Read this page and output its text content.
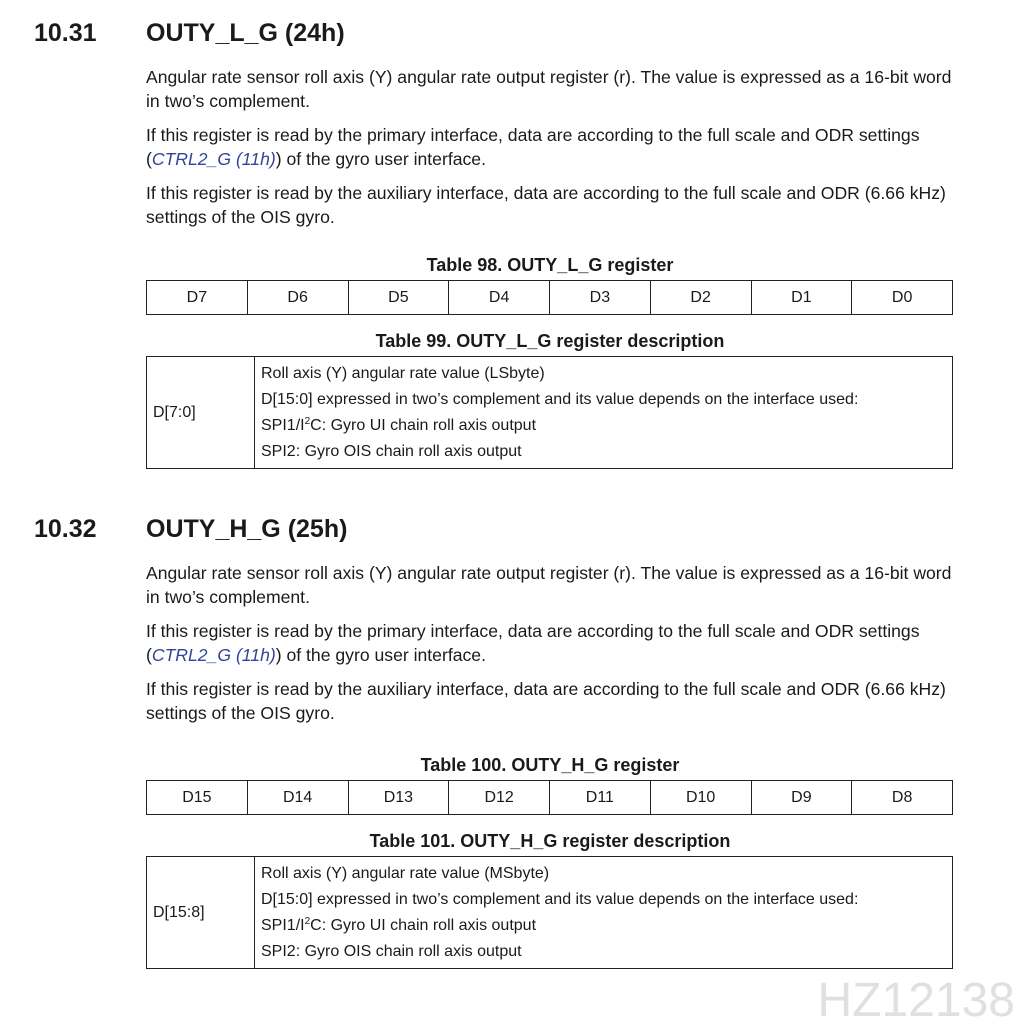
10.31 OUTY_L_G (24h)

Angular rate sensor roll axis (Y) angular rate output register (r). The value is expressed as a 16-bit word in two’s complement.

If this register is read by the primary interface, data are according to the full scale and ODR settings (CTRL2_G (11h)) of the gyro user interface.

If this register is read by the auxiliary interface, data are according to the full scale and ODR (6.66 kHz) settings of the OIS gyro.

Table 98. OUTY_L_G register
D7	D6	D5	D4	D3	D2	D1	D0
Table 99. OUTY_L_G register description
D[7:0]	
Roll axis (Y) angular rate value (LSbyte)
D[15:0] expressed in two’s complement and its value depends on the interface used:
$SPI1/I^2C$: Gyro UI chain roll axis output
SPI2: Gyro OIS chain roll axis output
10.32 OUTY_H_G (25h)

Angular rate sensor roll axis (Y) angular rate output register (r). The value is expressed as a 16-bit word in two’s complement.

If this register is read by the primary interface, data are according to the full scale and ODR settings (CTRL2_G (11h)) of the gyro user interface.

If this register is read by the auxiliary interface, data are according to the full scale and ODR (6.66 kHz) settings of the OIS gyro.

Table 100. OUTY_H_G register
D15	D14	D13	D12	D11	D10	D9	D8
Table 101. OUTY_H_G register description
D[15:8]	
Roll axis (Y) angular rate value (MSbyte)
D[15:0] expressed in two’s complement and its value depends on the interface used:
$SPI1/I^2C$: Gyro UI chain roll axis output
SPI2: Gyro OIS chain roll axis output
HZ12138
